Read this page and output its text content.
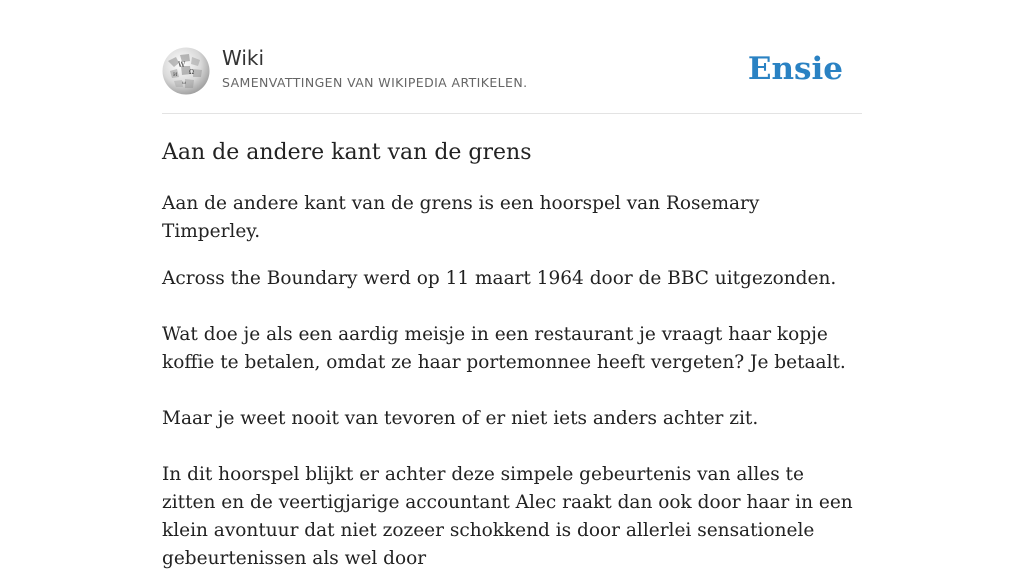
W
Ω
И
ω
Wiki
SAMENVATTINGEN VAN WIKIPEDIA ARTIKELEN.	Ensie
Aan de andere kant van de grens

Aan de andere kant van de grens is een hoorspel van Rosemary Timperley.

Across the Boundary werd op 11 maart 1964 door de BBC uitgezonden.

Wat doe je als een aardig meisje in een restaurant je vraagt haar kopje koffie te betalen, omdat ze haar portemonnee heeft vergeten? Je betaalt.

Maar je weet nooit van tevoren of er niet iets anders achter zit.

In dit hoorspel blijkt er achter deze simpele gebeurtenis van alles te zitten en de veertigjarige accountant Alec raakt dan ook door haar in een klein avontuur dat niet zozeer schokkend is door allerlei sensationele gebeurtenissen als wel door
